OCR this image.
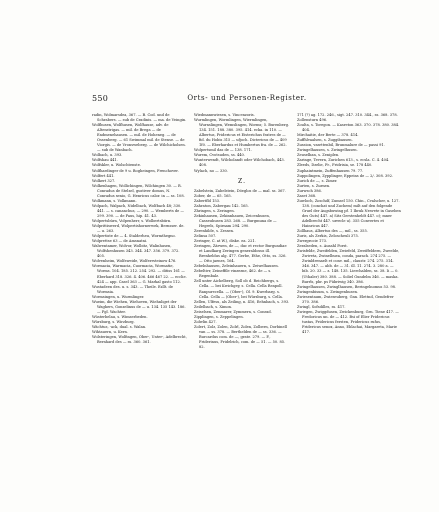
550	Orts- und Personen-Register.

radin, Wolmarsdea, 367. — B. Cod. und de Schrabers. — sub de Cradinis. — ma. de Veingin.

Wolfhusen, Wolfhusen, Wolfhause, adv. de Altenstrigas. — mil. de Brega — de Endmenehausen. — mil. de Hoheneg. — de Ossenberg. — 61 Swimmal mil. de Stense. — de Viorgis. — de Vronsweberg. — de Wilchicholsen. — sub de Wanbach.

Wolbach, u. 393.

Wolfshau 441.

Wolfskler, u. Wolschtenste.

Wolfhardinger de 9 u. Bogheingen, Frenchover.

Wolfert 441.

Wolkert 327.

Wolkenhagen, Wollichingen, Wilchingen 30. — R. Conradus de Stelzel, gustiver domus, N. Conradus senio, G. Henricus calor. in — ss. 108.

Wolkmann, s. Volkmann.

Wolpach, Walpach, Nidelbach, Wolfbach 48; 330. 441. — s. cananchus, — 290. — Wemberts de — 299. 390. — de Faus, hip. 41. 43.

Wolpertsbürn, Volpenherr, s. Wolbertsbürn.

Wolprittiswerd, Wolpertishornerwek, Bernsser. de. — u. 263.

Wolpertiste de — 4. Stalderheu, Wormthegno.

Wolprettse 63 — de Amsnatni.

Walwentamer, Wolvor, Wolbitz, Walinhusen, Wolfshenhusen 343. 344. 347. 356. 379. 372. 405.

Wolvenheim, Wolfsweide, Wolferrsteinow 476.

Wormacia, Warmacia, Cuormacia, Wormatie, Worms. 104. 185. 212. 254. 292. — ditiss 161 — Eberhard 318. 326. 4. 406. 466 467 22. — ecclie. 424 — app. Casel 363 — G. Markal gasto 112.

Wustadeen des. u. s. 343. — Theile. Ezllt. de Wormsia.

Wormsingen, u. Wurmlinger.

Wueim, die Wiehen, Wiehoven, Wiehnliget der Waghers, Gonzelinus de — u. 134. 135 143. 186. — Fgl. Wachter.

Wüsterbelau, s. Wimserbeden.

Würzburg, s. Wirzburg.

Wächtus, -ack, dual. s. Walan.

Wihtauern, u. Kern.

Wolsteringen, Wolfingen, Ober-, Unter-, Adelbrecht, Bernhard des — ss. 360. 361.

Wiedmannwiesen, s. Vincenzoris.

Wurmlingen, Wormlingen, Wiermlingen, Wurnslingen, Wemslingen, Worms; 5. Burenberg. 134. 151. 188. 380. 395. 414. ecka. in 110. — Albertus, Fridericus et Eisterichus fratres de — fid. du Hobis 315 — ufjoch. Dictericus de — 409 1f0. — Eberhardus et Humbertus fra. de — 262.

Wolpertsmil das de — 138. 171.

Wurem, Cvotsuden, ss. 440.

Wunterwendt, Wilcholandt oder Wilchobach, 443. 408.

Wylach, no — 330.

Z.

Zabelstein, Zabelstein, Döeglos de — mal. ss. 367.

Zober, de — 65. 165.

Zabertfld 153.

Zahraton, Zabergau 142. 165.

Zhringen, s. Zeringen.

Zekinhausen, Zekinnhauen, Zeicenhusen, Casseuhusen 283. 268. — Burgmuna de — Hegrels, Spirnam 294. 290.

Zerenhilde, s. Zessen.

Zelinsa 507.

Zeringer, C. at W.), diske. ea. 221.

Zeringen, Zärwen, de —, duc et rector Burgundiae et Landkarg Zeringen generaldosus ill. Brenheldus alg. 477. Gerbe, Ethe, Otto, ss. 326. — Otto jaenes, 164.

Zebelnhausen, Zeleinhauern, s. Zeiwelhausen.

Zebeltivr, Zeineffile vinzezne, 462. de — s. Regenbalz.

Zell unter Aichelberg, Soll ob d. Reichbergs, s. Cella. — bei Kwichgey, s. Cella. Cella Reapoll. Ranpurecella. — (Ober-), Ol. 9. Kwerbarg. s. Cella. Cella — (Ober-), bei Würzburg, s. Cella.

Zellen, Ulfesu, als Zeiling, n. 416, Eehnbach, s. 393.

Zeilelbach, s. Ximon.

Zeiselsen, Zenmarer, Zymmern, s. Conrad.

Zipplingen, s. Zeppelingen.

Zolwlin 427.

Zolert, Zolz, Zolen, Zolrl, Zolen, Zolbern, Dorbinell van — ss. 378. — Berthelden de — ss. 336. — Burcardus com. de —, grate. 279. — F., Friderinus, Fridelrich, com. de — 51. — 50. 85. 82.

171 (?) ag. 172. 246., sigt. 247. 310. 344., ss. 368. 378.

Zollensturn 496.

Zoulta, s. Toregon. — Kasreton 363. 370. 378. 380. 384. 404.

Mirchaitie, der Berte — 378. 414.

Zuffhlvaalsen, s. Zuggibausen.

Zussion, vasrttenbil, Brunmalure de — passi 91.

Zwingelhausen, s. Zwingelhusen.

Zeuselban, s. Zeniplen.

Zaringe, Tevern, Zurichen 613., s. ecsla. C. 4. 404.

Zleeds, Dzelie, Fr., Fridrisia, se. 178 440.

Zuphaintmein, Zuffenhausen 79. 77.

Zuppolingen, Zypplinger, Eppeins de — 2/. 308. 392.

Zurich de —, s. Zimer.

Zurten, s. Zurnen.

Zurwsch 386.

Zaset 368.

Zuwloch, Zoschdf, Zumsel 150. Chin., Cvalscher, u. 127. 138. (conchat und Zuchem) milt auf den folgende Gruel der Augsbuwing pf. 1 Ibruk Nesvete in Gaseben des Guts) 447. a) Sitz Gerstenheldt 447. o); mner Adelbrecht 447. urrecle u). 355 Convertes et Hainricus 447.

Zollhaus, Albertus des —, mil., ss. 355.

Zuris, als Zerkis, Zeloscheuli 375.

Zwergrocie 173.

Zeralseden, s. Ausahl Forst.

Zwisfelde, Zweifelden, Zwiefeld, Zweiffeldern, Zweelde, Zwiveta, Zwinelbuea, conda, parach. 274 275. — Zwinldrenaelt et conv. mil., claustr. 274. 275. 314. 346. 347. — abb. de — 31. ill. 11. 274. 3. 280 a. — bib. 20. 33 — z. 148. 135. Lierchalden, ss. 38. Ii — 0. (Uthaler) 380. 388. — Soliel Gundelm 346. — maska. Burrls, phr. ps Fübriwig 340. 386.

Zwingelhausen, Zwinglhausen, Beringelnomus 53. 98.

Zwingenbisum, s. Zwingenhusen.

Zwiesentaum, Zwieseuberg, Gnn. Elettnd, Gendefrer 370. 386.

Zwingl, Sofsdilles, ss. 417.

Zwiegen, Zwiggdusen, Zwickenburg, Grn. Tiene 417. — Fredoricus un. de — 412. Bsi of Elier Fridericus tustas, Fridericus fersten, Fridericus rufus, Fridericus senox, Anno, Eblachai, Margareta, Marie 417.
